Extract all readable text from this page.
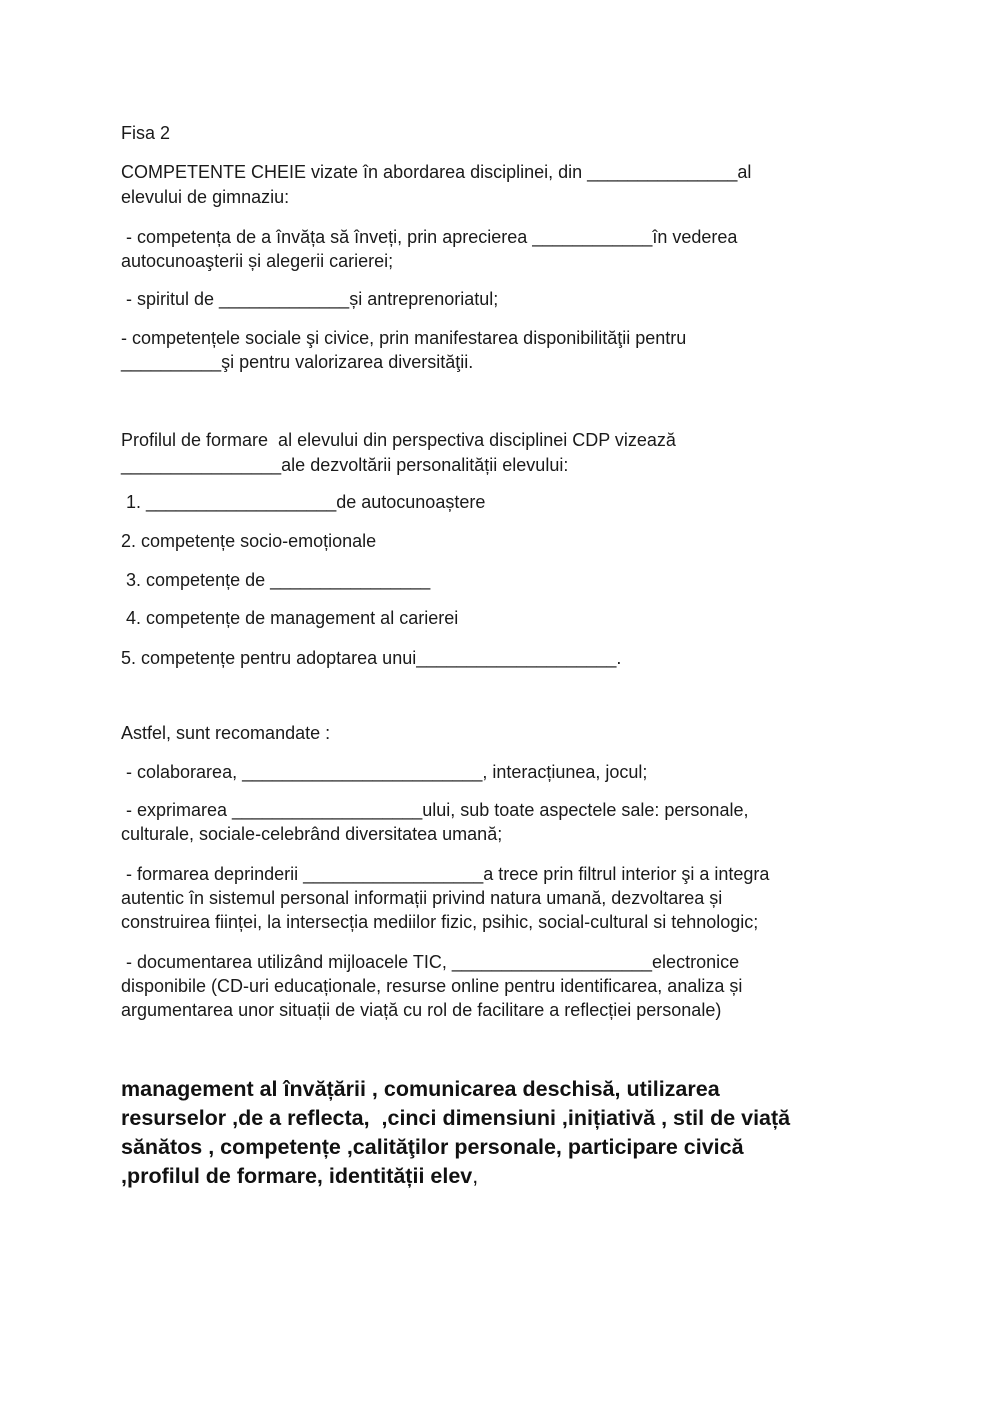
Fisa 2

COMPETENTE CHEIE vizate în abordarea disciplinei, din _______________al

elevului de gimnaziu:

- competența de a învăța să înveți, prin aprecierea ____________în vederea

autocunoaşterii și alegerii carierei;

- spiritul de _____________și antreprenoriatul;

- competențele sociale şi civice, prin manifestarea disponibilităţii pentru

__________şi pentru valorizarea diversităţii.

Profilul de formare  al elevului din perspectiva disciplinei CDP vizează

________________ale dezvoltării personalității elevului:

1. ___________________de autocunoaștere

2. competențe socio-emoționale

3. competențe de ________________

4. competențe de management al carierei

5. competențe pentru adoptarea unui____________________.

Astfel, sunt recomandate :

- colaborarea, ________________________, interacțiunea, jocul;

- exprimarea ___________________ului, sub toate aspectele sale: personale,

culturale, sociale-celebrând diversitatea umană;

- formarea deprinderii __________________a trece prin filtrul interior şi a integra

autentic în sistemul personal informații privind natura umană, dezvoltarea și

construirea ființei, la intersecția mediilor fizic, psihic, social-cultural si tehnologic;

- documentarea utilizând mijloacele TIC, ____________________electronice

disponibile (CD-uri educaționale, resurse online pentru identificarea, analiza și

argumentarea unor situații de viață cu rol de facilitare a reflecției personale)

management al învățării , comunicarea deschisă, utilizarea

resurselor ,de a reflecta,  ,cinci dimensiuni ,inițiativă , stil de viață

sănătos , competențe ,calităţilor personale, participare civică

,profilul de formare, identității elev,
